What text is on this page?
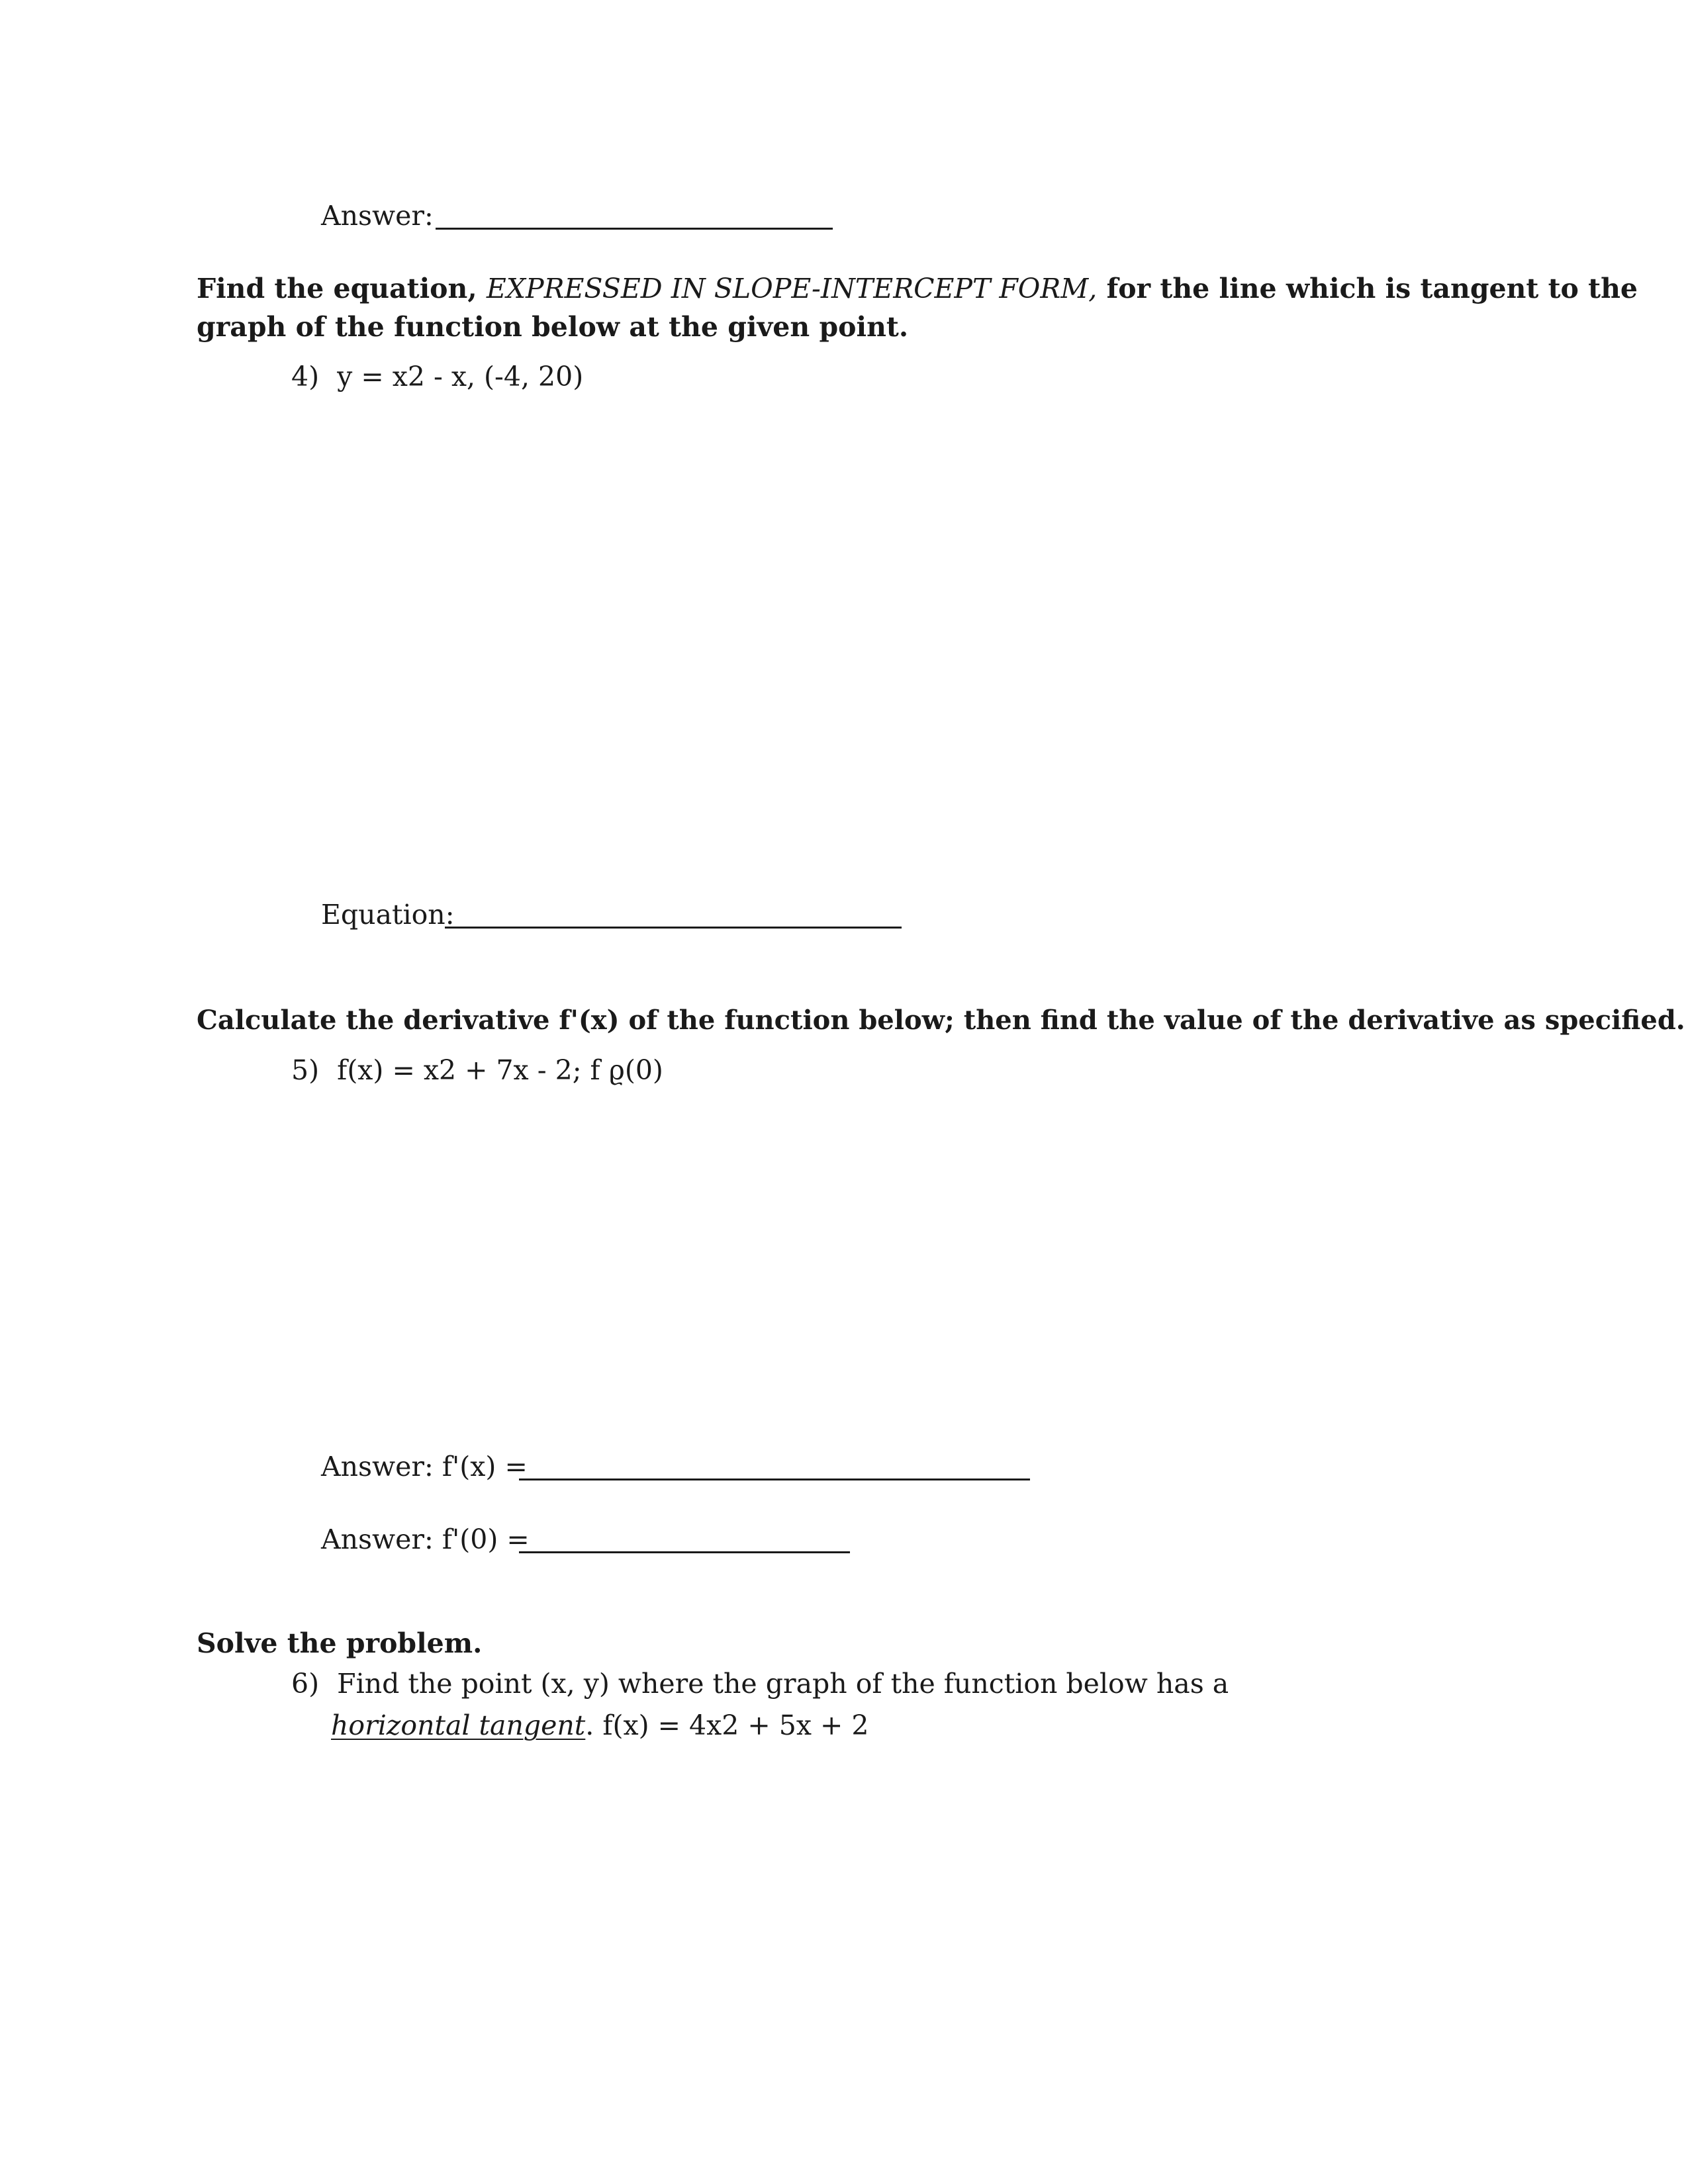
Answer:
Find the equation, EXPRESSED IN SLOPE-INTERCEPT FORM, for the line which is tangent to the
graph of the function below at the given point.
4) y = x2 - x, (-4, 20)
Equation:
Calculate the derivative f'(x) of the function below; then find the value of the derivative as specified.
5) f(x) = x2 + 7x - 2; f ϱ(0)
Answer: f'(x) =
Answer: f'(0) =
Solve the problem.
6) Find the point (x, y) where the graph of the function below has a
horizontal tangent. f(x) = 4x2 + 5x + 2
